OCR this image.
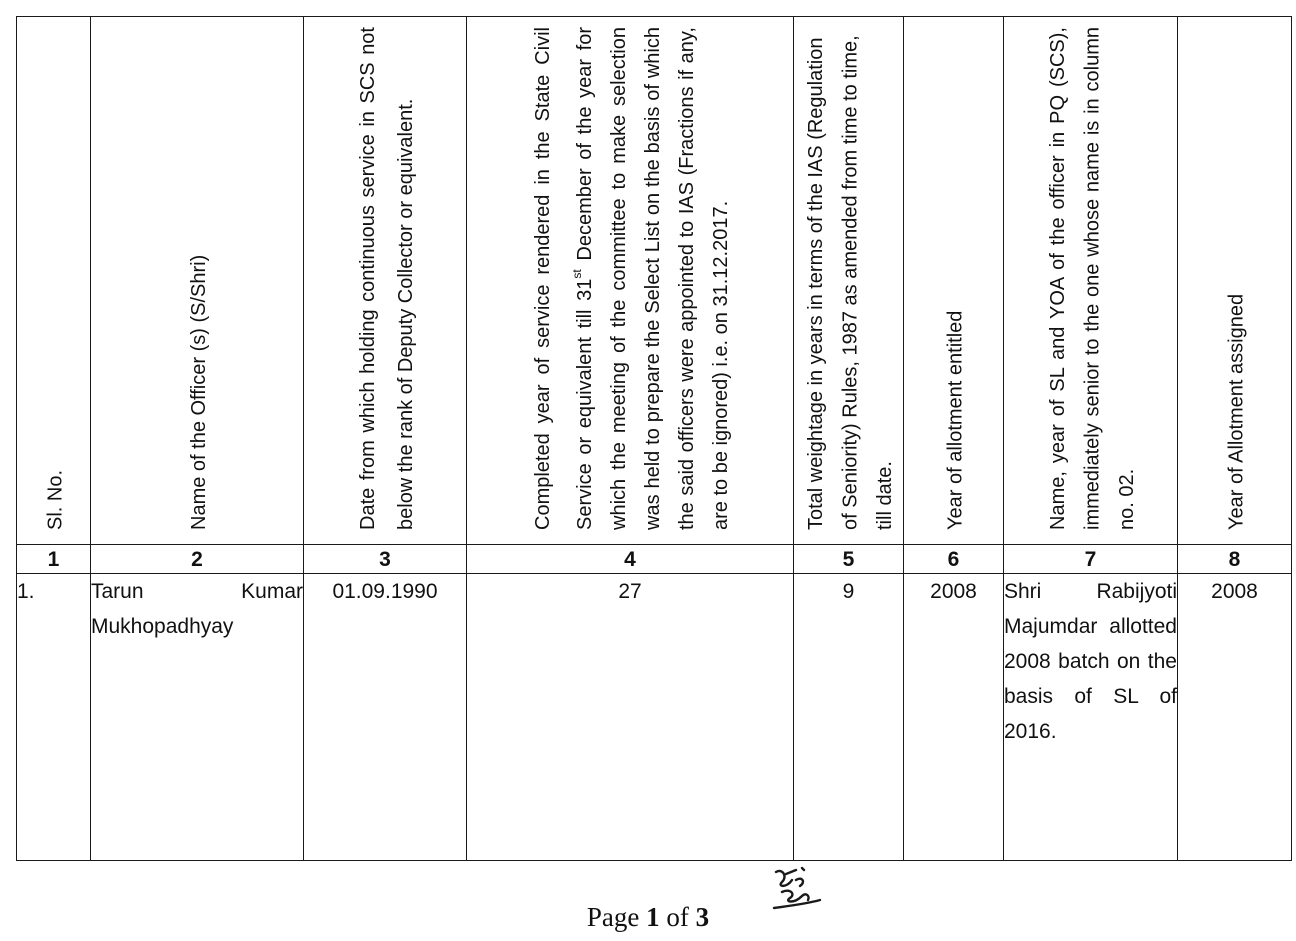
Sl. No.	Name of the Officer (s) (S/Shri)	Date from which holding continuous service in SCS not below the rank of Deputy Collector or equivalent.	Completed year of service rendered in the State Civil Service or equivalent till 31st December of the year for which the meeting of the committee to make selection was held to prepare the Select List on the basis of which the said officers were appointed to IAS (Fractions if any, are to be ignored) i.e. on 31.12.2017.	Total weightage in years in terms of the IAS (Regulation of Seniority) Rules, 1987 as amended from time to time, till date.	Year of allotment entitled	Name, year of SL and YOA of the officer in PQ (SCS), immediately senior to the one whose name is in column no. 02.	Year of Allotment assigned

1	2	3	4	5	6	7	8
1.	Tarun Kumar Mukhopadhyay	01.09.1990	27	9	2008	Shri Rabijyoti Majumdar allotted 2008 batch on the basis of SL of 2016.	2008
Page 1 of 3
